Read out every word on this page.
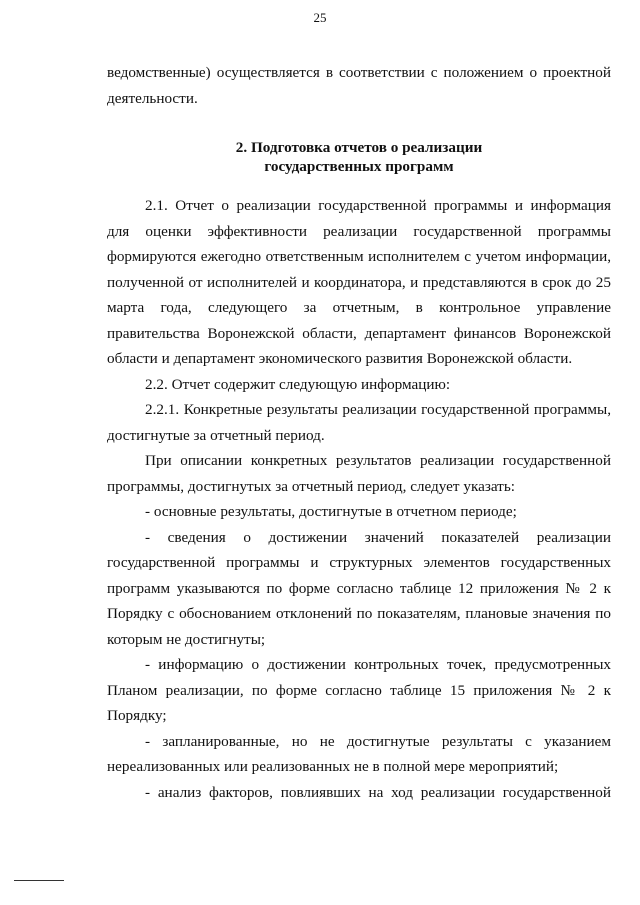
25

ведомственные) осуществляется в соответствии с положением о проектной деятельности.

2. Подготовка отчетов о реализации
государственных программ

2.1. Отчет о реализации государственной программы и информация для оценки эффективности реализации государственной программы формируются ежегодно ответственным исполнителем с учетом информации, полученной от исполнителей и координатора, и представляются в срок до 25 марта года, следующего за отчетным, в контрольное управление правительства Воронежской области, департамент финансов Воронежской области и департамент экономического развития Воронежской области.

2.2. Отчет содержит следующую информацию:

2.2.1. Конкретные результаты реализации государственной программы, достигнутые за отчетный период.

При описании конкретных результатов реализации государственной программы, достигнутых за отчетный период, следует указать:

- основные результаты, достигнутые в отчетном периоде;

- сведения о достижении значений показателей реализации государственной программы и структурных элементов государственных программ указываются по форме согласно таблице 12 приложения № 2 к Порядку с обоснованием отклонений по показателям, плановые значения по которым не достигнуты;

- информацию о достижении контрольных точек, предусмотренных Планом реализации, по форме согласно таблице 15 приложения № 2 к Порядку;

- запланированные, но не достигнутые результаты с указанием нереализованных или реализованных не в полной мере мероприятий;

- анализ факторов, повлиявших на ход реализации государственной
